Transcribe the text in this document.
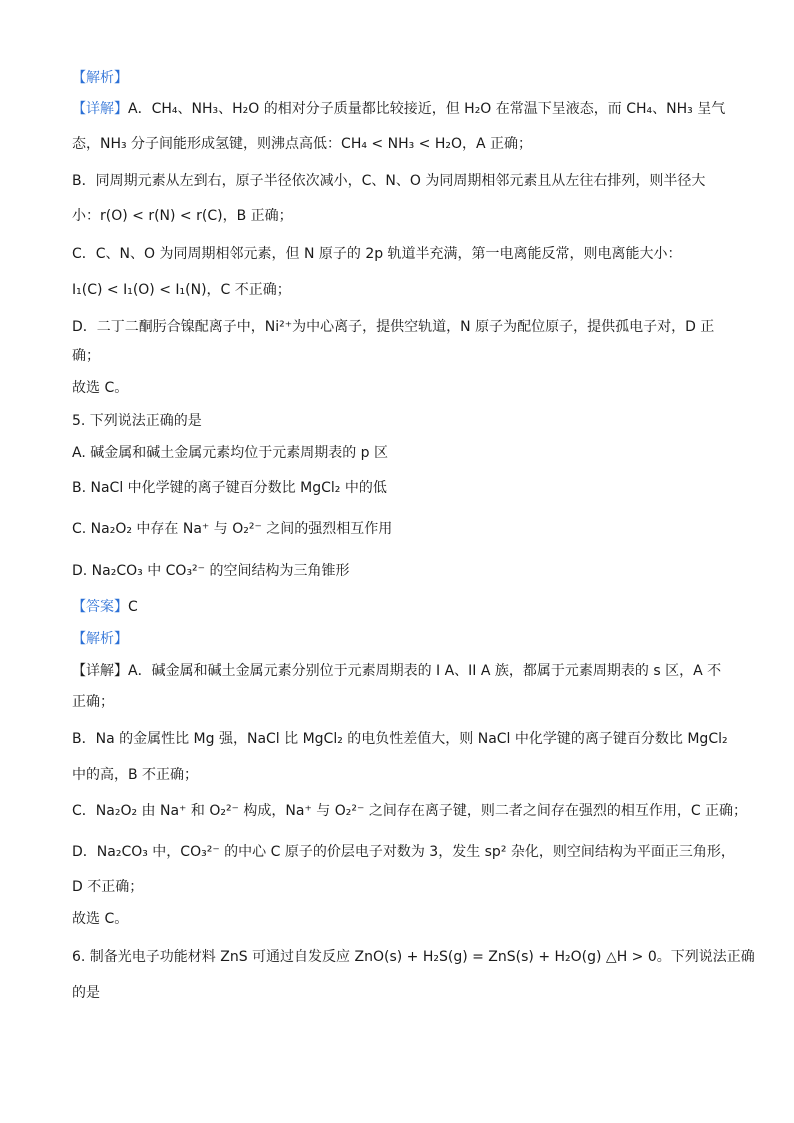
【解析】
【详解】A．CH₄、NH₃、H₂O 的相对分子质量都比较接近，但 H₂O 在常温下呈液态，而 CH₄、NH₃ 呈气
态，NH₃ 分子间能形成氢键，则沸点高低：CH₄ < NH₃ < H₂O，A 正确；
B．同周期元素从左到右，原子半径依次减小，C、N、O 为同周期相邻元素且从左往右排列，则半径大
小：r(O) < r(N) < r(C)，B 正确；
C．C、N、O 为同周期相邻元素，但 N 原子的 2p 轨道半充满，第一电离能反常，则电离能大小：
I₁(C) < I₁(O) < I₁(N)，C 不正确；
D．二丁二酮肟合镍配离子中，Ni²⁺为中心离子，提供空轨道，N 原子为配位原子，提供孤电子对，D 正
确；
故选 C。
5. 下列说法正确的是
A. 碱金属和碱土金属元素均位于元素周期表的 p 区
B. NaCl 中化学键的离子键百分数比 MgCl₂ 中的低
C. Na₂O₂ 中存在 Na⁺ 与 O₂²⁻ 之间的强烈相互作用
D. Na₂CO₃ 中 CO₃²⁻ 的空间结构为三角锥形
【答案】C
【解析】
【详解】A．碱金属和碱土金属元素分别位于元素周期表的 I A、II A 族，都属于元素周期表的 s 区，A 不
正确；
B．Na 的金属性比 Mg 强，NaCl 比 MgCl₂ 的电负性差值大，则 NaCl 中化学键的离子键百分数比 MgCl₂
中的高，B 不正确；
C．Na₂O₂ 由 Na⁺ 和 O₂²⁻ 构成，Na⁺ 与 O₂²⁻ 之间存在离子键，则二者之间存在强烈的相互作用，C 正确；
D．Na₂CO₃ 中，CO₃²⁻ 的中心 C 原子的价层电子对数为 3，发生 sp² 杂化，则空间结构为平面正三角形，
D 不正确；
故选 C。
6. 制备光电子功能材料 ZnS 可通过自发反应 ZnO(s) + H₂S(g) = ZnS(s) + H₂O(g) △H > 0。下列说法正确
的是
